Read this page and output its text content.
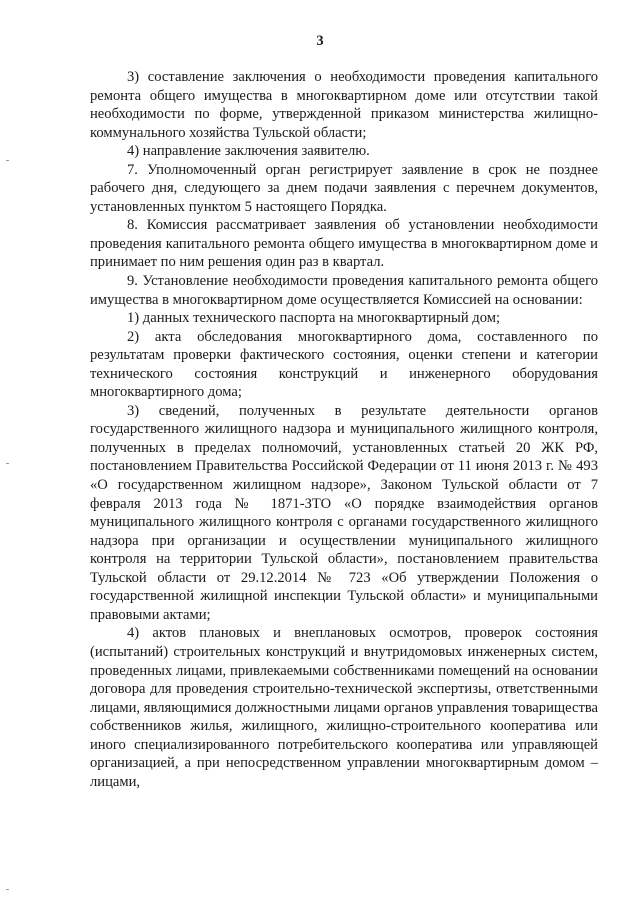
3

3) составление заключения о необходимости проведения капитального ремонта общего имущества в многоквартирном доме или отсутствии такой необходимости по форме, утвержденной приказом министерства жилищно-коммунального хозяйства Тульской области;

4) направление заключения заявителю.

7. Уполномоченный орган регистрирует заявление в срок не позднее рабочего дня, следующего за днем подачи заявления с перечнем документов, установленных пунктом 5 настоящего Порядка.

8. Комиссия рассматривает заявления об установлении необходимости проведения капитального ремонта общего имущества в многоквартирном доме и принимает по ним решения один раз в квартал.

9. Установление необходимости проведения капитального ремонта общего имущества в многоквартирном доме осуществляется Комиссией на основании:

1) данных технического паспорта на многоквартирный дом;

2) акта обследования многоквартирного дома, составленного по результатам проверки фактического состояния, оценки степени и категории технического состояния конструкций и инженерного оборудования многоквартирного дома;

3) сведений, полученных в результате деятельности органов государственного жилищного надзора и муниципального жилищного контроля, полученных в пределах полномочий, установленных статьей 20 ЖК РФ, постановлением Правительства Российской Федерации от 11 июня 2013 г. № 493 «О государственном жилищном надзоре», Законом Тульской области от 7 февраля 2013 года № 1871-ЗТО «О порядке взаимодействия органов муниципального жилищного контроля с органами государственного жилищного надзора при организации и осуществлении муниципального жилищного контроля на территории Тульской области», постановлением правительства Тульской области от 29.12.2014 № 723 «Об утверждении Положения о государственной жилищной инспекции Тульской области» и муниципальными правовыми актами;

4) актов плановых и внеплановых осмотров, проверок состояния (испытаний) строительных конструкций и внутридомовых инженерных систем, проведенных лицами, привлекаемыми собственниками помещений на основании договора для проведения строительно-технической экспертизы, ответственными лицами, являющимися должностными лицами органов управления товарищества собственников жилья, жилищного, жилищно-строительного кооператива или иного специализированного потребительского кооператива или управляющей организацией, а при непосредственном управлении многоквартирным домом – лицами,
